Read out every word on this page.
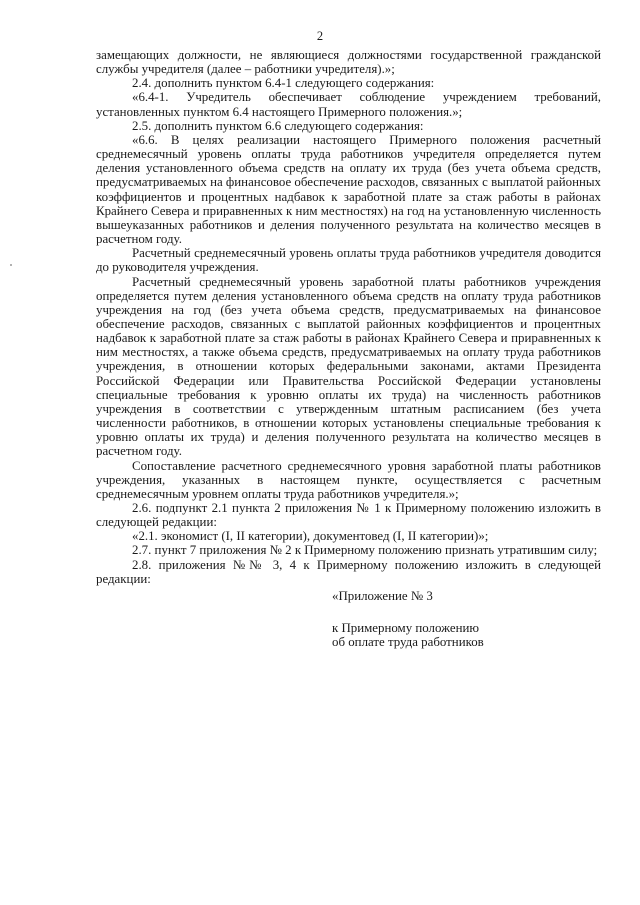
2

замещающих должности, не являющиеся должностями государственной гражданской службы учредителя (далее – работники учредителя).»;

2.4. дополнить пунктом 6.4-1 следующего содержания:

«6.4-1. Учредитель обеспечивает соблюдение учреждением требований, установленных пунктом 6.4 настоящего Примерного положения.»;

2.5. дополнить пунктом 6.6 следующего содержания:

«6.6. В целях реализации настоящего Примерного положения расчетный среднемесячный уровень оплаты труда работников учредителя определяется путем деления установленного объема средств на оплату их труда (без учета объема средств, предусматриваемых на финансовое обеспечение расходов, связанных с выплатой районных коэффициентов и процентных надбавок к заработной плате за стаж работы в районах Крайнего Севера и приравненных к ним местностях) на год на установленную численность вышеуказанных работников и деления полученного результата на количество месяцев в расчетном году.

Расчетный среднемесячный уровень оплаты труда работников учредителя доводится до руководителя учреждения.

Расчетный среднемесячный уровень заработной платы работников учреждения определяется путем деления установленного объема средств на оплату труда работников учреждения на год (без учета объема средств, предусматриваемых на финансовое обеспечение расходов, связанных с выплатой районных коэффициентов и процентных надбавок к заработной плате за стаж работы в районах Крайнего Севера и приравненных к ним местностях, а также объема средств, предусматриваемых на оплату труда работников учреждения, в отношении которых федеральными законами, актами Президента Российской Федерации или Правительства Российской Федерации установлены специальные требования к уровню оплаты их труда) на численность работников учреждения в соответствии с утвержденным штатным расписанием (без учета численности работников, в отношении которых установлены специальные требования к уровню оплаты их труда) и деления полученного результата на количество месяцев в расчетном году.

Сопоставление расчетного среднемесячного уровня заработной платы работников учреждения, указанных в настоящем пункте, осуществляется с расчетным среднемесячным уровнем оплаты труда работников учредителя.»;

2.6. подпункт 2.1 пункта 2 приложения № 1 к Примерному положению изложить в следующей редакции:

«2.1. экономист (I, II категории), документовед (I, II категории)»;

2.7. пункт 7 приложения № 2 к Примерному положению признать утратившим силу;

2.8. приложения №№ 3, 4 к Примерному положению изложить в следующей редакции:

«Приложение № 3

к Примерному положению

об оплате труда работников
